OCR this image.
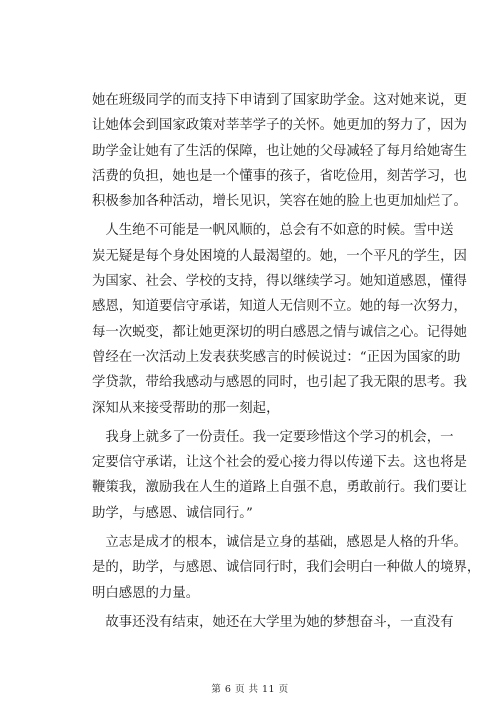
她在班级同学的而支持下申请到了国家助学金。这对她来说，更
让她体会到国家政策对莘莘学子的关怀。她更加的努力了，因为
助学金让她有了生活的保障，也让她的父母减轻了每月给她寄生
活费的负担，她也是一个懂事的孩子，省吃俭用，刻苦学习，也
积极参加各种活动，增长见识，笑容在她的脸上也更加灿烂了。
　人生绝不可能是一帆风顺的，总会有不如意的时候。雪中送
炭无疑是每个身处困境的人最渴望的。她，一个平凡的学生，因
为国家、社会、学校的支持，得以继续学习。她知道感恩，懂得
感恩，知道要信守承诺，知道人无信则不立。她的每一次努力，
每一次蜕变，都让她更深切的明白感恩之情与诚信之心。记得她
曾经在一次活动上发表获奖感言的时候说过：“正因为国家的助
学贷款，带给我感动与感恩的同时，也引起了我无限的思考。我
深知从来接受帮助的那一刻起，
　我身上就多了一份责任。我一定要珍惜这个学习的机会，一
定要信守承诺，让这个社会的爱心接力得以传递下去。这也将是
鞭策我，激励我在人生的道路上自强不息，勇敢前行。我们要让
助学，与感恩、诚信同行。”
　立志是成才的根本，诚信是立身的基础，感恩是人格的升华。
是的，助学，与感恩、诚信同行时，我们会明白一种做人的境界，
明白感恩的力量。
　故事还没有结束，她还在大学里为她的梦想奋斗，一直没有
第 6 页 共 11 页
